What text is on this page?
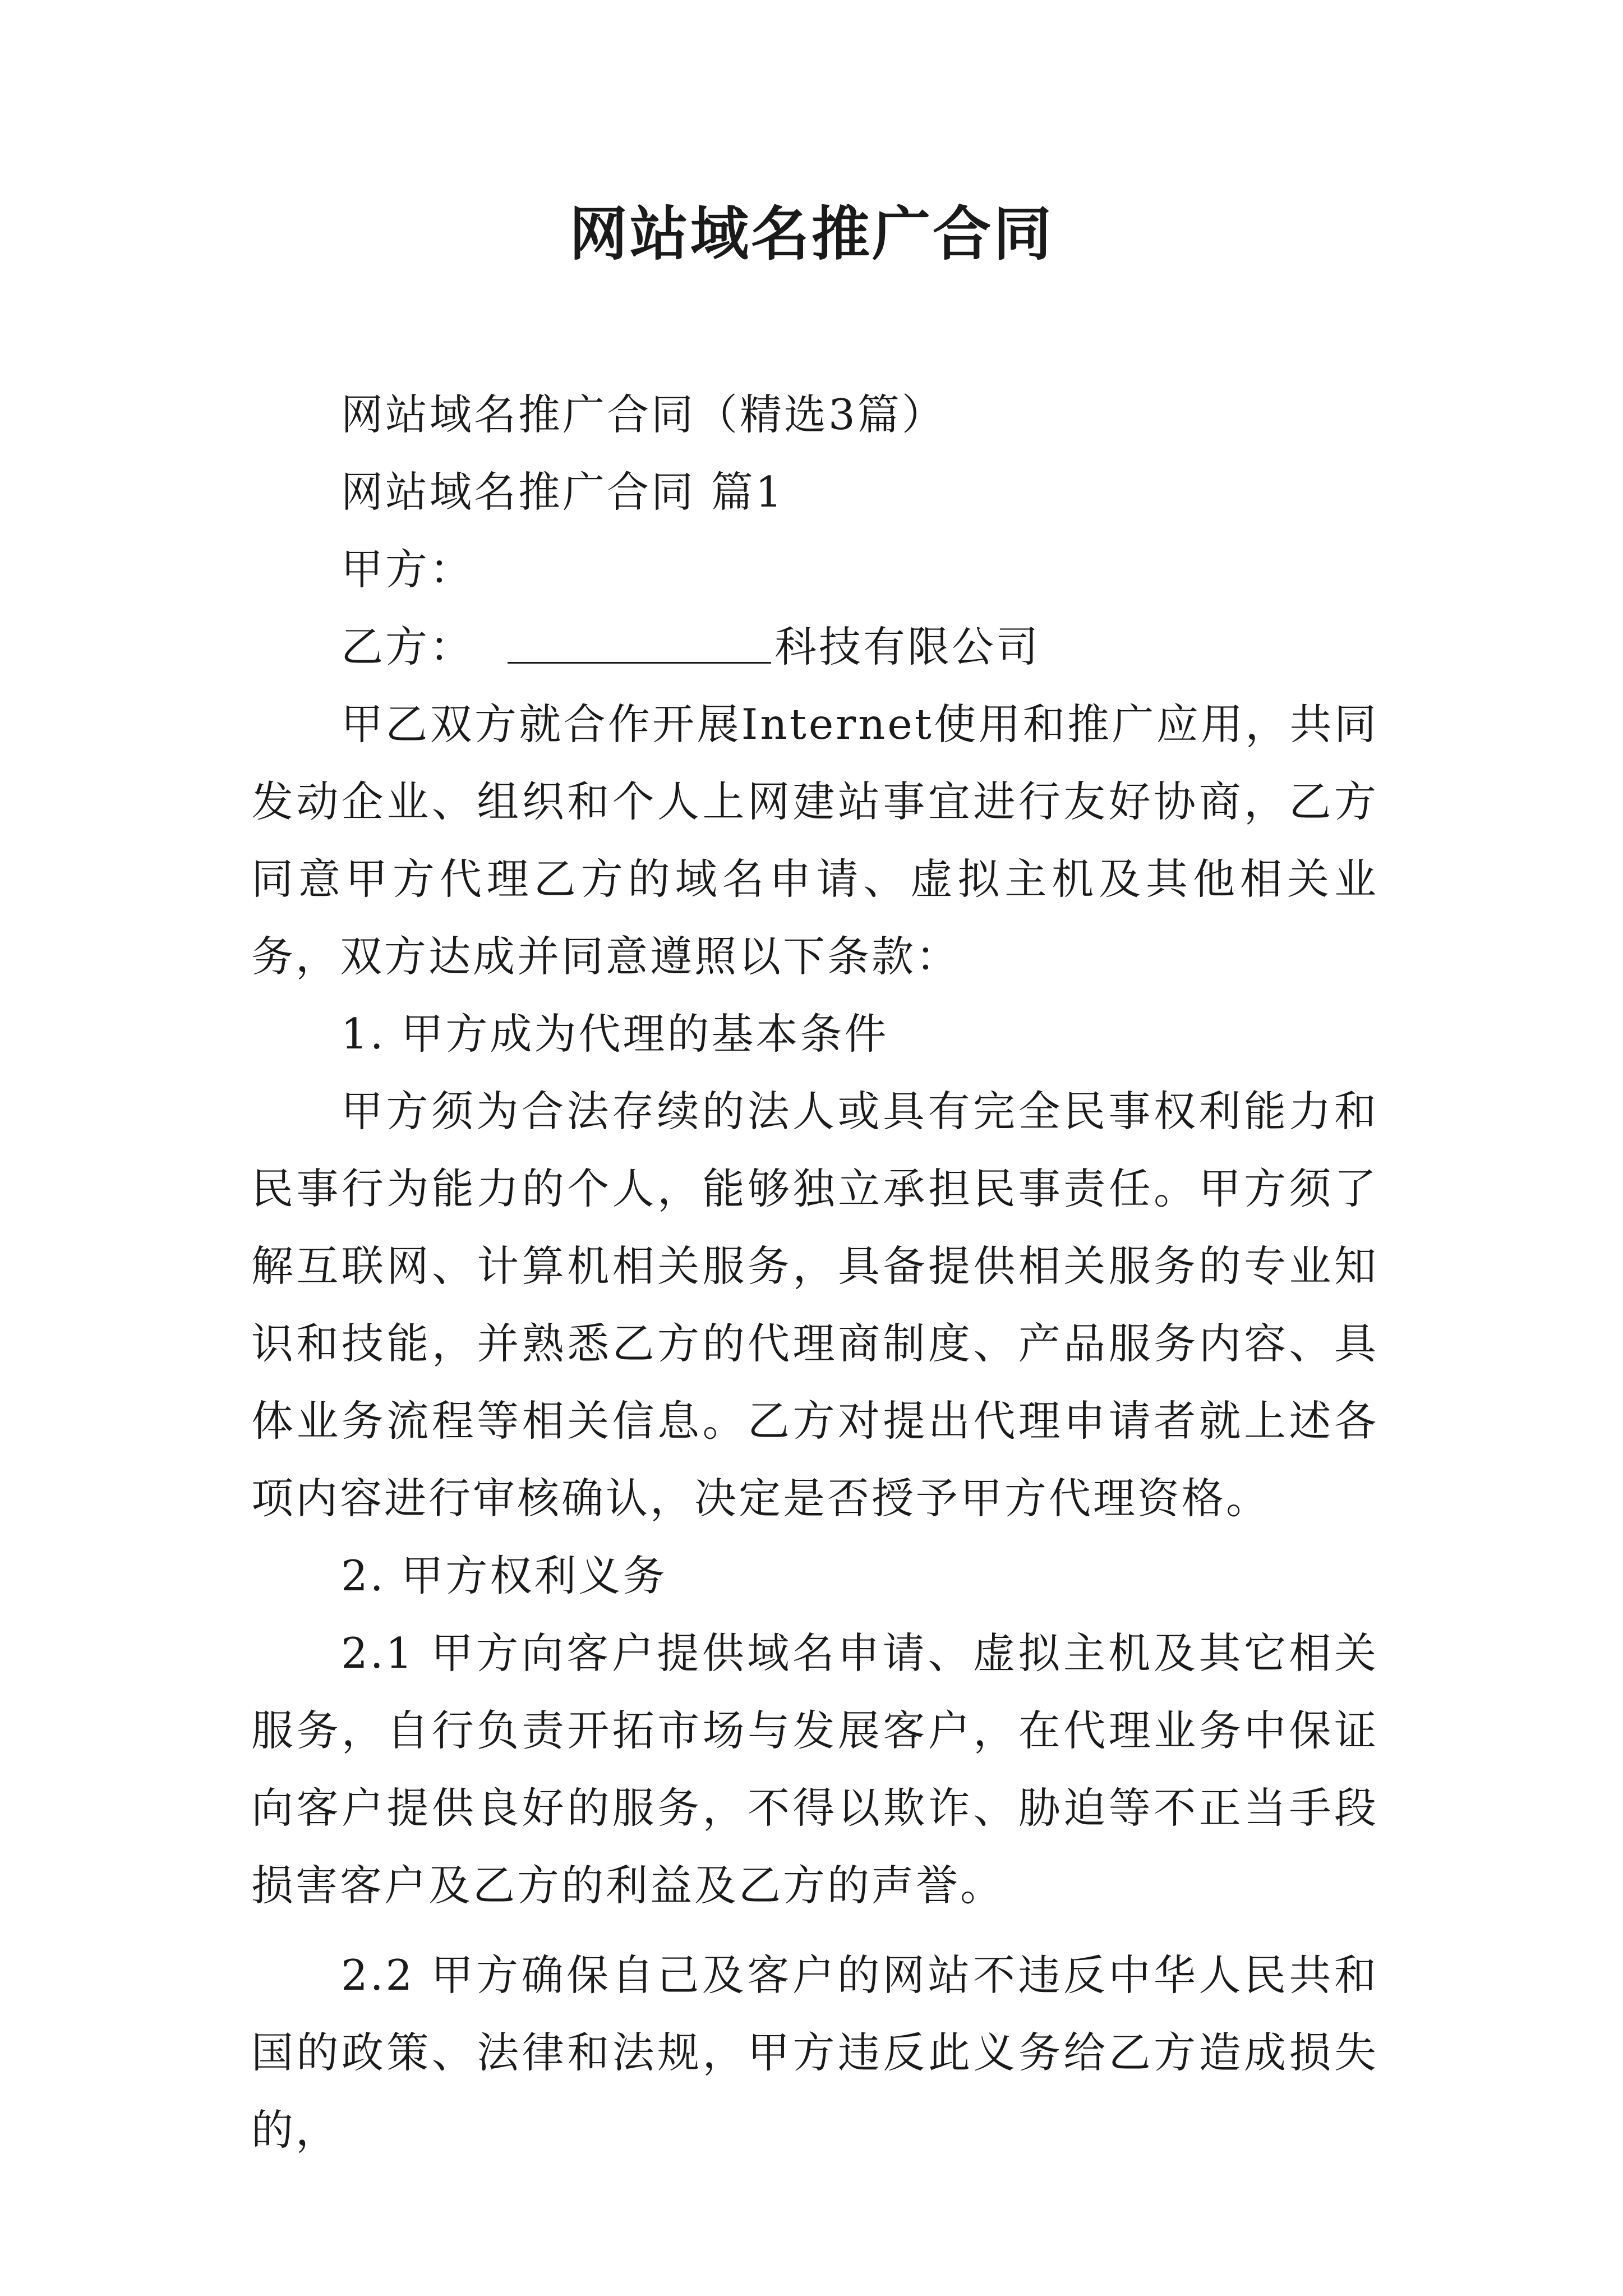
网站域名推广合同
网站域名推广合同（精选3篇）
网站域名推广合同 篇1
甲方：
乙方：	科技有限公司

甲乙双方就合作开展Internet使用和推广应用，共同发动企业、组织和个人上网建站事宜进行友好协商，乙方同意甲方代理乙方的域名申请、虚拟主机及其他相关业务，双方达成并同意遵照以下条款：

1. 甲方成为代理的基本条件

甲方须为合法存续的法人或具有完全民事权利能力和民事行为能力的个人，能够独立承担民事责任。甲方须了解互联网、计算机相关服务，具备提供相关服务的专业知识和技能，并熟悉乙方的代理商制度、产品服务内容、具体业务流程等相关信息。乙方对提出代理申请者就上述各项内容进行审核确认，决定是否授予甲方代理资格。

2. 甲方权利义务

2.1 甲方向客户提供域名申请、虚拟主机及其它相关服务，自行负责开拓市场与发展客户，在代理业务中保证向客户提供良好的服务，不得以欺诈、胁迫等不正当手段损害客户及乙方的利益及乙方的声誉。

2.2 甲方确保自己及客户的网站不违反中华人民共和国的政策、法律和法规，甲方违反此义务给乙方造成损失的，
